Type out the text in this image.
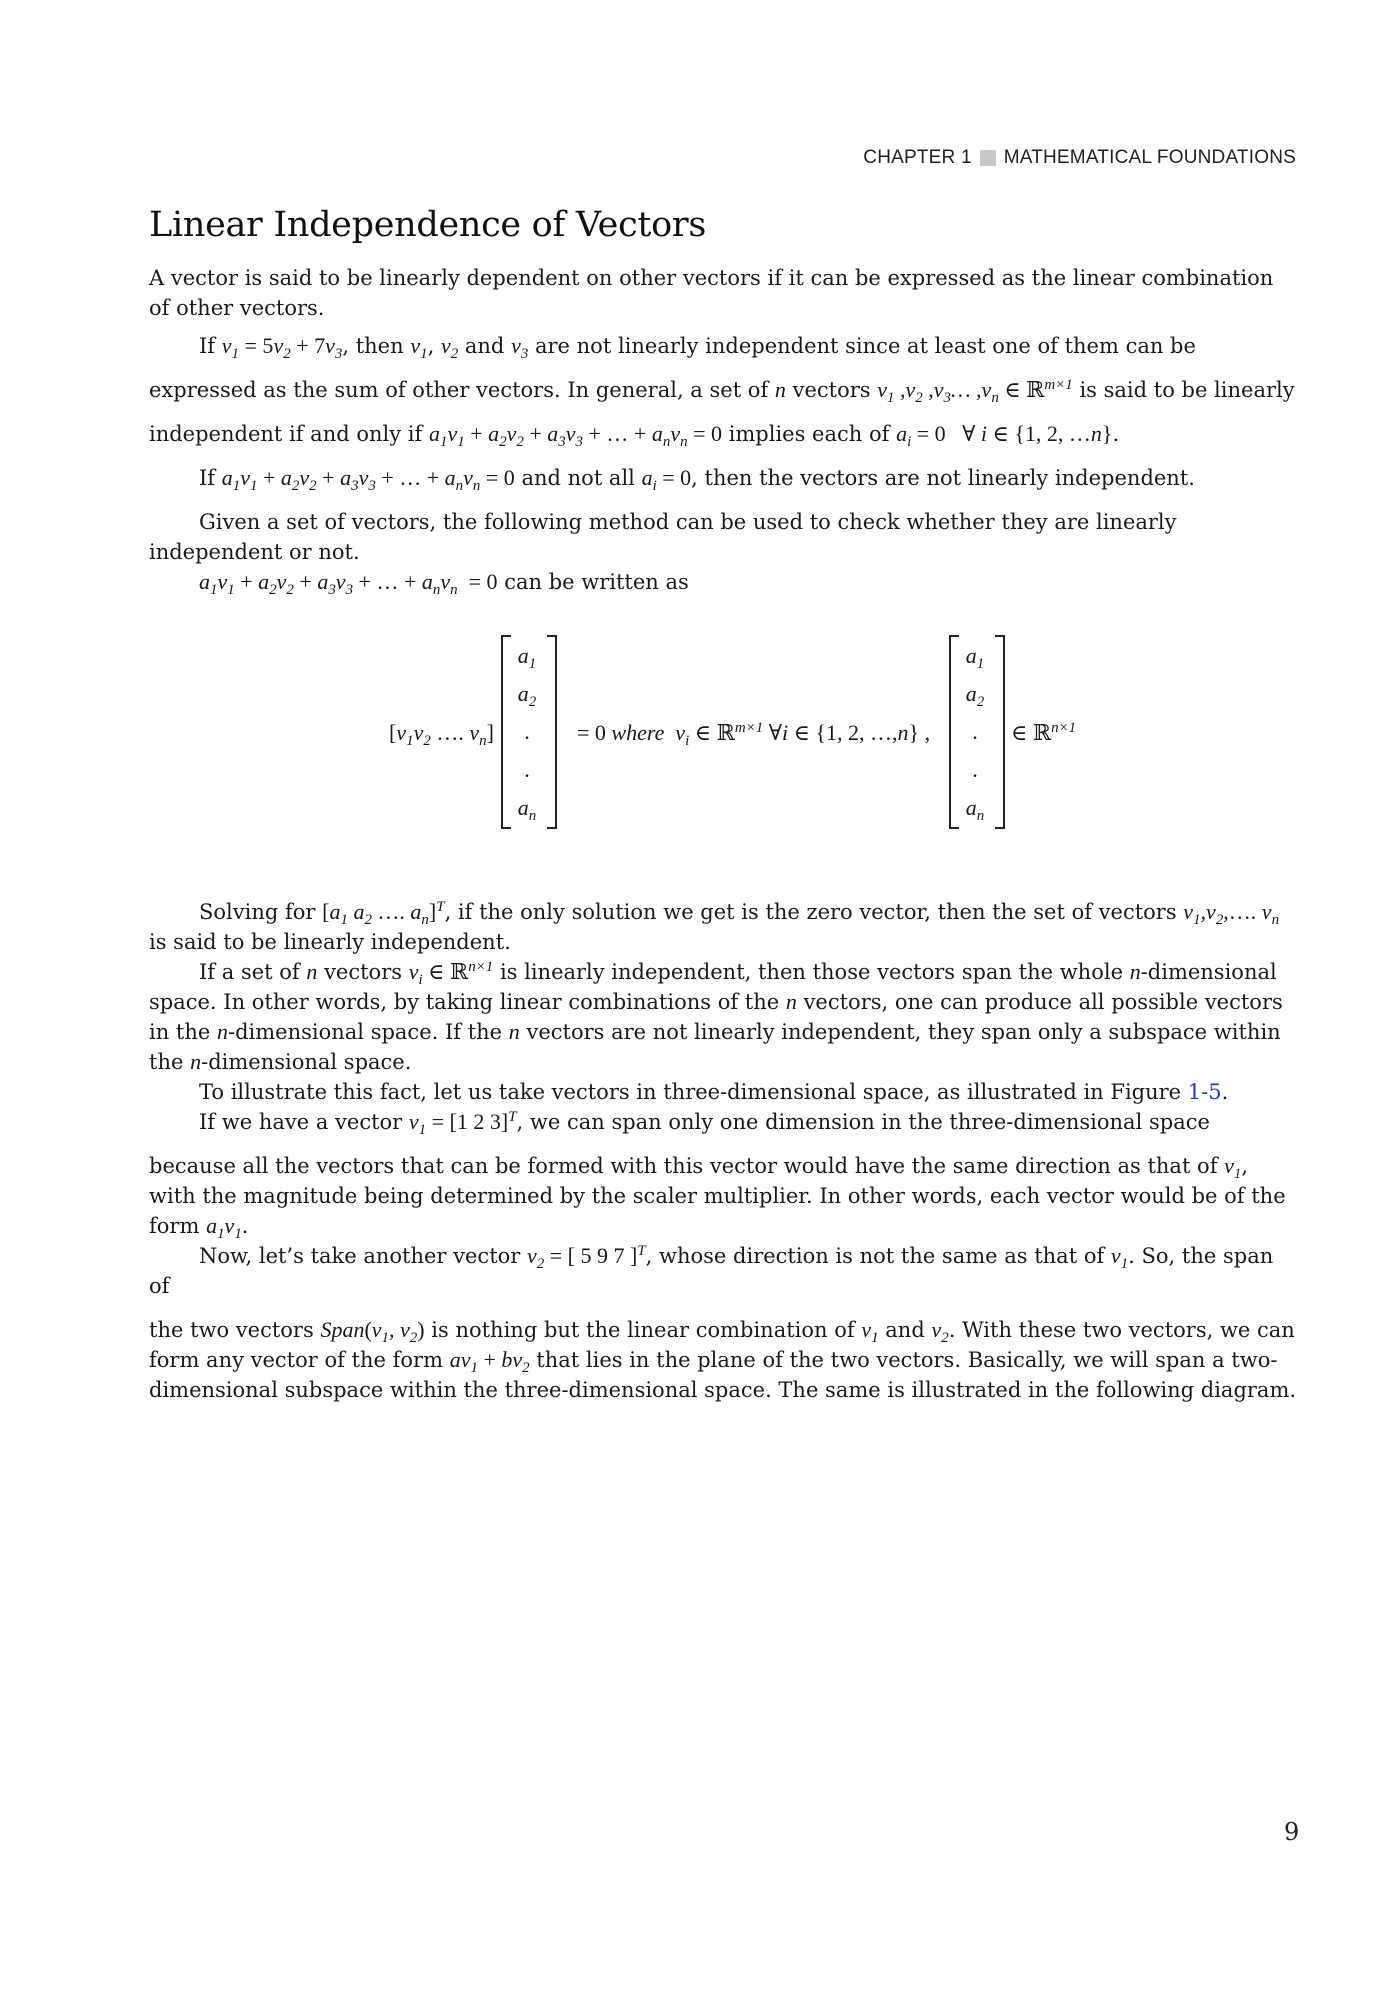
CHAPTER 1 MATHEMATICAL FOUNDATIONS
Linear Independence of Vectors

A vector is said to be linearly dependent on other vectors if it can be expressed as the linear combination of other vectors.

If $v_1 = 5v_2 + 7v_3$, then $v_1$, $v_2$ and $v_3$ are not linearly independent since at least one of them can be

expressed as the sum of other vectors. In general, a set of n vectors $v_1$ $,v_2$ $,v_3\dots$ $,v_n$ ∈ ℝ$^{m\times 1}$ is said to be linearly

independent if and only if $a_1v_1 + a_2v_2 + a_3v_3$ + … + $a_nv_n = 0$ implies each of $a_i = 0$   ∀ i ∈ {1, 2, …n}.

If $a_1v_1 + a_2v_2 + a_3v_3$ + … + $a_nv_n = 0$ and not all $a_i = 0$, then the vectors are not linearly independent.

Given a set of vectors, the following method can be used to check whether they are linearly independent or not.

$a_1v_1 + a_2v_2 + a_3v_3$ + … + $a_nv_n = 0$ can be written as

[$v_1v_2$ …. $v_n$]
$a_1$
$a_2$
.
.
$a_n$
= 0 where  $v_i$ ∈ ℝ$^{m\times 1}$ ∀i ∈ {1, 2, …,n} ,
$a_1$
$a_2$
.
.
$a_n$
∈ ℝ$^{n\times 1}$

Solving for [$a_1$ $a_2$ …. $a_n]^T$, if the only solution we get is the zero vector, then the set of vectors $v_1,v_2,\dots$. $v_n$ is said to be linearly independent.

If a set of n vectors $v_i$ ∈ ℝ$^{n\times 1}$ is linearly independent, then those vectors span the whole n-dimensional space. In other words, by taking linear combinations of the n vectors, one can produce all possible vectors in the n-dimensional space. If the n vectors are not linearly independent, they span only a subspace within the n-dimensional space.

To illustrate this fact, let us take vectors in three-dimensional space, as illustrated in Figure 1-5.

If we have a vector $v_1 = [1$ 2 3]$^T$, we can span only one dimension in the three-dimensional space

because all the vectors that can be formed with this vector would have the same direction as that of $v_1$, with the magnitude being determined by the scaler multiplier. In other words, each vector would be of the form $a_1v_1$.

Now, let’s take another vector $v_2$ = [ 5 9 7 ]$^T$, whose direction is not the same as that of $v_1$. So, the span of

the two vectors $Span(v_1$, $v_2$) is nothing but the linear combination of $v_1$ and $v_2$. With these two vectors, we can form any vector of the form $av_1 + bv_2$ that lies in the plane of the two vectors. Basically, we will span a two-dimensional subspace within the three-dimensional space. The same is illustrated in the following diagram.

9
